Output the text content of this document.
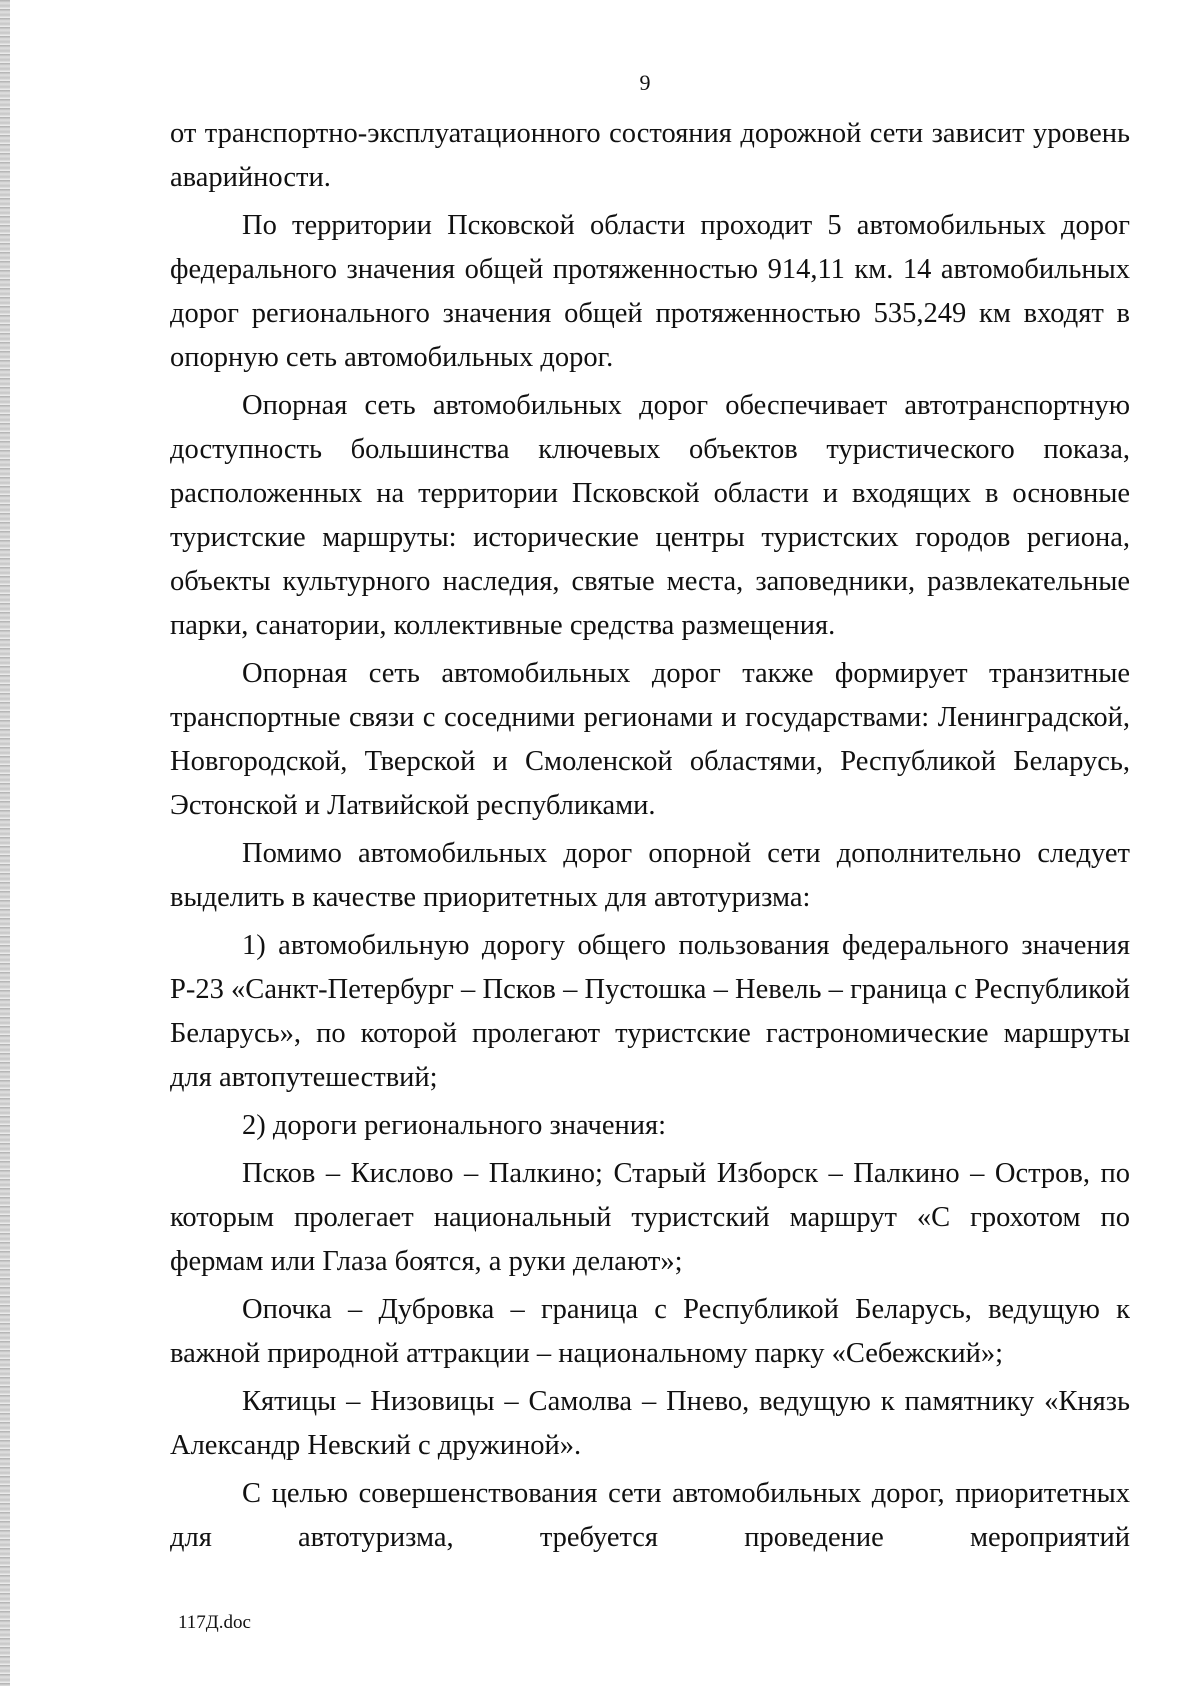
9

от транспортно-эксплуатационного состояния дорожной сети зависит уровень аварийности.

По территории Псковской области проходит 5 автомобильных дорог федерального значения общей протяженностью 914,11 км. 14 автомобильных дорог регионального значения общей протяженностью 535,249 км входят в опорную сеть автомобильных дорог.

Опорная сеть автомобильных дорог обеспечивает автотранспортную доступность большинства ключевых объектов туристического показа, расположенных на территории Псковской области и входящих в основные туристские маршруты: исторические центры туристских городов региона, объекты культурного наследия, святые места, заповедники, развлекательные парки, санатории, коллективные средства размещения.

Опорная сеть автомобильных дорог также формирует транзитные транспортные связи с соседними регионами и государствами: Ленинградской, Новгородской, Тверской и Смоленской областями, Республикой Беларусь, Эстонской и Латвийской республиками.

Помимо автомобильных дорог опорной сети дополнительно следует выделить в качестве приоритетных для автотуризма:

1) автомобильную дорогу общего пользования федерального значения Р-23 «Санкт-Петербург – Псков – Пустошка – Невель – граница с Республикой Беларусь», по которой пролегают туристские гастрономические маршруты для автопутешествий;

2) дороги регионального значения:

Псков – Кислово – Палкино; Старый Изборск – Палкино – Остров, по которым пролегает национальный туристский маршрут «С грохотом по фермам или Глаза боятся, а руки делают»;

Опочка – Дубровка – граница с Республикой Беларусь, ведущую к важной природной аттракции – национальному парку «Себежский»;

Кятицы – Низовицы – Самолва – Пнево, ведущую к памятнику «Князь Александр Невский с дружиной».

С целью совершенствования сети автомобильных дорог, приоритетных для автотуризма, требуется проведение мероприятий

117Д.doc
